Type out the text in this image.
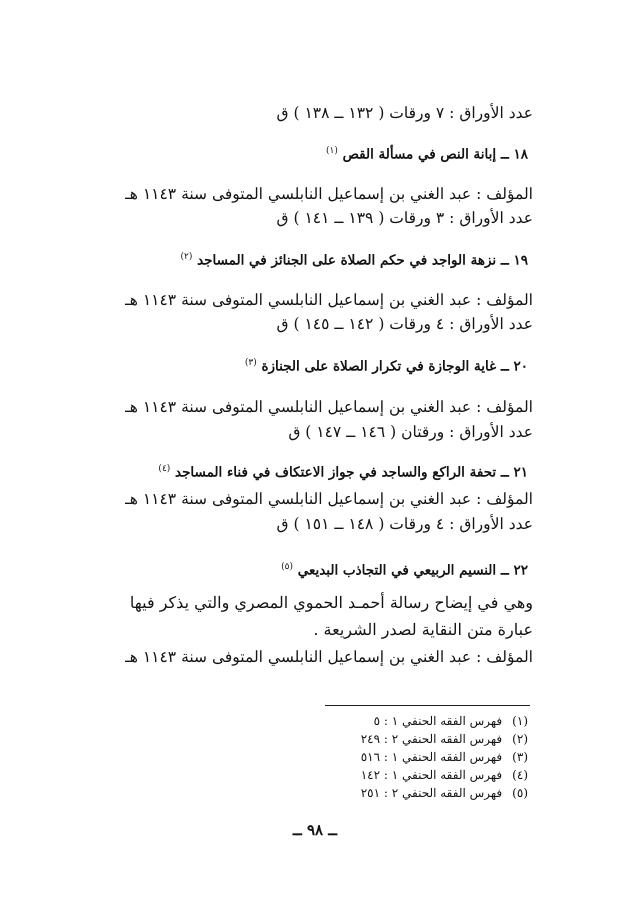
عدد الأوراق : ٧ ورقات ( ١٣٢ ــ ١٣٨ ) ق
١٨ ــ إبانة النص في مسألة القص $^{(١)}$
المؤلف : عبد الغني بن إسماعيل النابلسي المتوفى سنة ١١٤٣ هـ
عدد الأوراق : ٣ ورقات ( ١٣٩ ــ ١٤١ ) ق
١٩ ــ نزهة الواجد في حكم الصلاة على الجنائز في المساجد $^{(٢)}$
المؤلف : عبد الغني بن إسماعيل النابلسي المتوفى سنة ١١٤٣ هـ
عدد الأوراق : ٤ ورقات ( ١٤٢ ــ ١٤٥ ) ق
٢٠ ــ غاية الوجازة في تكرار الصلاة على الجنازة $^{(٣)}$
المؤلف : عبد الغني بن إسماعيل النابلسي المتوفى سنة ١١٤٣ هـ
عدد الأوراق : ورقتان ( ١٤٦ ــ ١٤٧ ) ق
٢١ ــ تحفة الراكع والساجد في جواز الاعتكاف في فناء المساجد $^{(٤)}$
المؤلف : عبد الغني بن إسماعيل النابلسي المتوفى سنة ١١٤٣ هـ
عدد الأوراق : ٤ ورقات ( ١٤٨ ــ ١٥١ ) ق
٢٢ ــ النسيم الربيعي في التجاذب البديعي $^{(٥)}$
وهي في إيضاح رسالة أحمـد الحموي المصري والتي يذكر فيها
عبارة متن النقاية لصدر الشريعة .
المؤلف : عبد الغني بن إسماعيل النابلسي المتوفى سنة ١١٤٣ هـ
(١) فهرس الفقه الحنفي ١ : ٥
(٢) فهرس الفقه الحنفي ٢ : ٢٤٩
(٣) فهرس الفقه الحنفي ١ : ٥١٦
(٤) فهرس الفقه الحنفي ١ : ١٤٢
(٥) فهرس الفقه الحنفي ٢ : ٢٥١
ــ ٩٨ ــ
